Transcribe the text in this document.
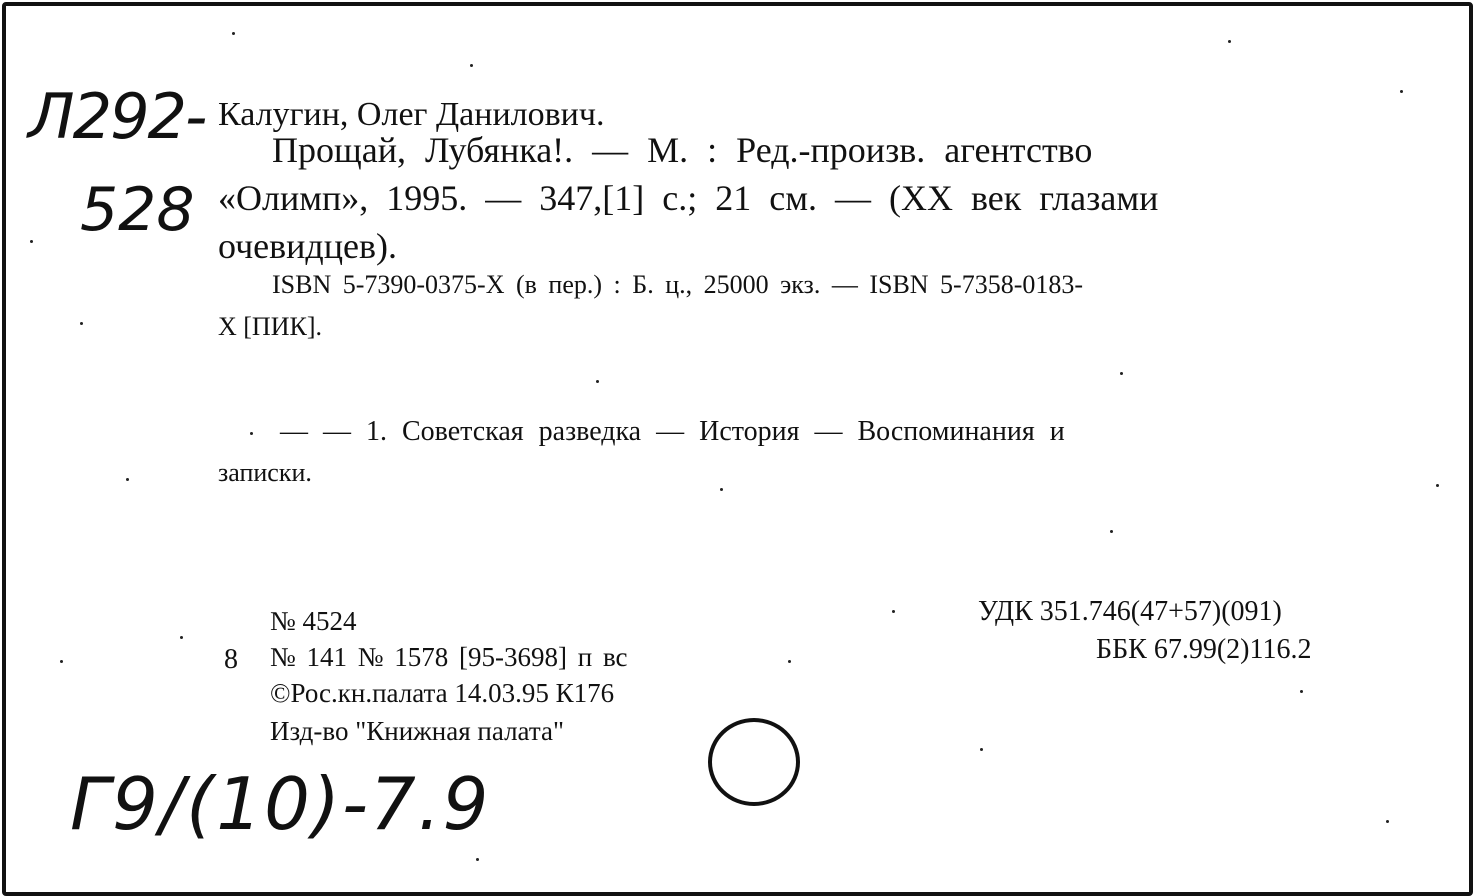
Л292-
528
Калугин, Олег Данилович.
Прощай, Лубянка!. — М. : Ред.-произв. агентство
«Олимп», 1995. — 347,[1] с.; 21 см. — (XX век глазами
очевидцев).
ISBN 5-7390-0375-X (в пер.) : Б. ц., 25000 экз. — ISBN 5-7358-0183-
X [ПИК].
— — 1. Советская разведка — История — Воспоминания и
записки.
№ 4524
8 № 141 № 1578 [95-3698] п вс
©Рос.кн.палата 14.03.95 К176
Изд-во "Книжная палата"
УДК 351.746(47+57)(091)
ББК 67.99(2)116.2
Г9/(10)-7.9
